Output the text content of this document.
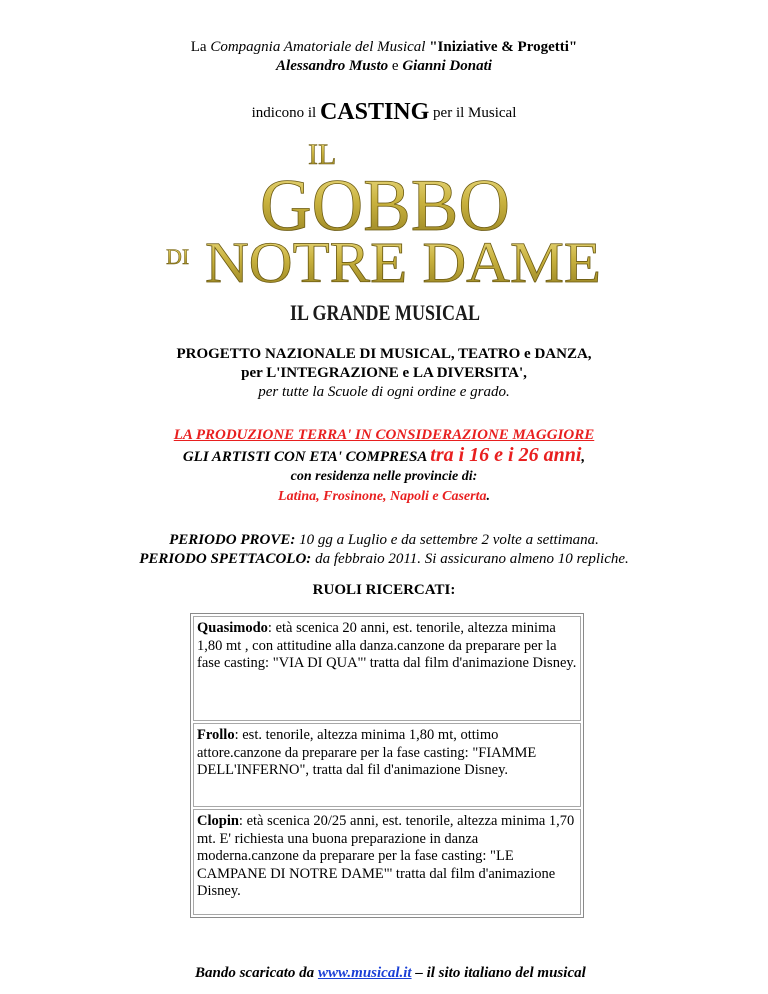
La Compagnia Amatoriale del Musical "Iniziative & Progetti"
Alessandro Musto e Gianni Donati
indicono il CASTING per il Musical
IL
GOBBO
DI NOTRE DAME
IL GRANDE MUSICAL
PROGETTO NAZIONALE DI MUSICAL, TEATRO e DANZA,
per L'INTEGRAZIONE e LA DIVERSITA',
per tutte la Scuole di ogni ordine e grado.
LA PRODUZIONE TERRA' IN CONSIDERAZIONE MAGGIORE
GLI ARTISTI CON ETA' COMPRESA tra i 16 e i 26 anni,
con residenza nelle provincie di:
Latina, Frosinone, Napoli e Caserta.
PERIODO PROVE: 10 gg a Luglio e da settembre 2 volte a settimana.
PERIODO SPETTACOLO: da febbraio 2011. Si assicurano almeno 10 repliche.
RUOLI RICERCATI:
Quasimodo: età scenica 20 anni, est. tenorile, altezza minima 1,80 mt , con attitudine alla danza.canzone da preparare per la fase casting: "VIA DI QUA"' tratta dal film d'animazione Disney.
Frollo: est. tenorile, altezza minima 1,80 mt, ottimo attore.canzone da preparare per la fase casting: "FIAMME DELL'INFERNO", tratta dal fil d'animazione Disney.
Clopin: età scenica 20/25 anni, est. tenorile, altezza minima 1,70 mt. E' richiesta una buona preparazione in danza moderna.canzone da preparare per la fase casting: "LE CAMPANE DI NOTRE DAME"' tratta dal film d'animazione Disney.
Bando scaricato da www.musical.it – il sito italiano del musical
